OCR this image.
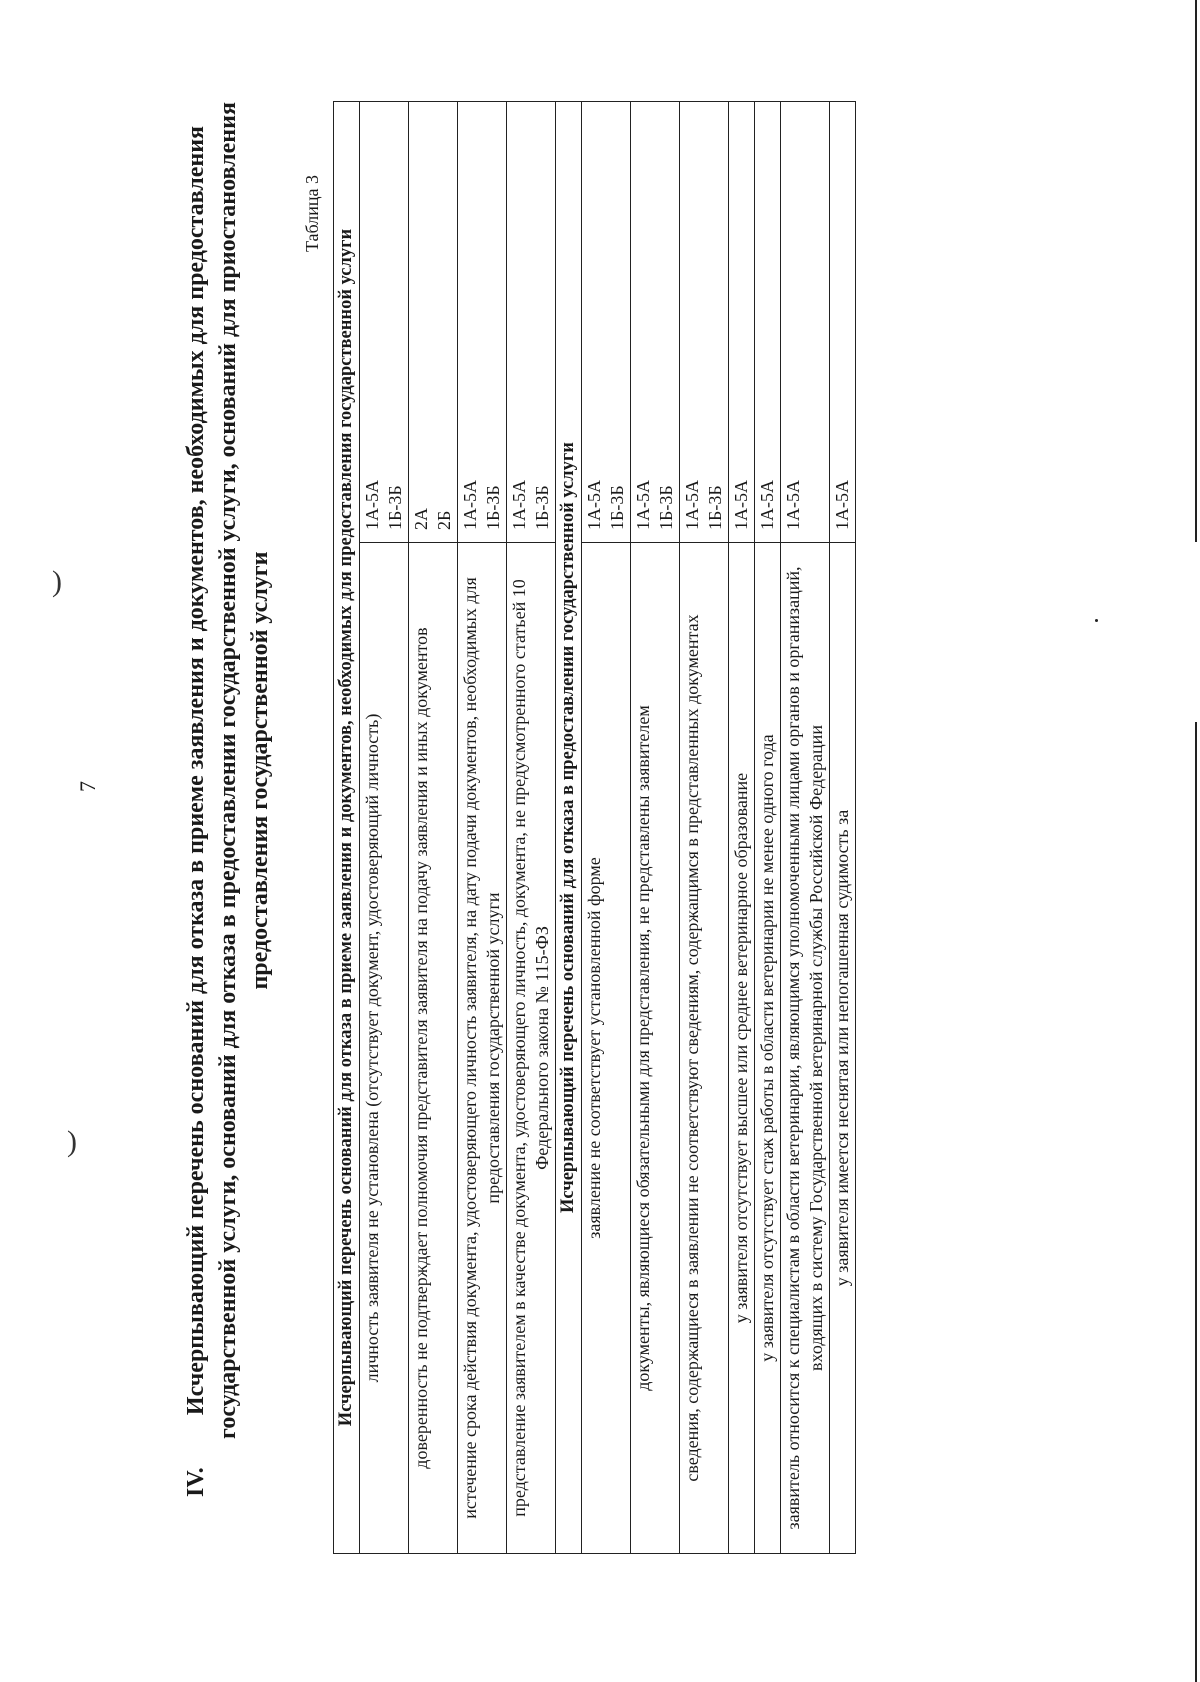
7
)
)
IV.
Исчерпывающий перечень оснований для отказа в приеме заявления и документов, необходимых для предоставления государственной услуги, оснований для отказа в предоставлении государственной услуги, оснований для приостановления предоставления государственной услуги
Таблица 3
Исчерпывающий перечень оснований для отказа в приеме заявления и документов, необходимых для предоставления государственной услуги	
личность заявителя не установлена (отсутствует документ, удостоверяющий личность)	1А-5А
1Б-3Б
доверенность не подтверждает полномочия представителя заявителя на подачу заявления и иных документов	2А
2Б
истечение срока действия документа, удостоверяющего личность заявителя, на дату подачи документов, необходимых для предоставления государственной услуги	1А-5А
1Б-3Б
представление заявителем в качестве документа, удостоверяющего личность, документа, не предусмотренного статьей 10 Федерального закона № 115-ФЗ	1А-5А
1Б-3Б
Исчерпывающий перечень оснований для отказа в предоставлении государственной услуги	
заявление не соответствует установленной форме	1А-5А
1Б-3Б
документы, являющиеся обязательными для представления, не представлены заявителем	1А-5А
1Б-3Б
сведения, содержащиеся в заявлении не соответствуют сведениям, содержащимся в представленных документах	1А-5А
1Б-3Б
у заявителя отсутствует высшее или среднее ветеринарное образование	1А-5А
у заявителя отсутствует стаж работы в области ветеринарии не менее одного года	1А-5А
заявитель относится к специалистам в области ветеринарии, являющимся уполномоченными лицами органов и организаций, входящих в систему Государственной ветеринарной службы Российской Федерации	1А-5А
у заявителя имеется неснятая или непогашенная судимость за	1А-5А
